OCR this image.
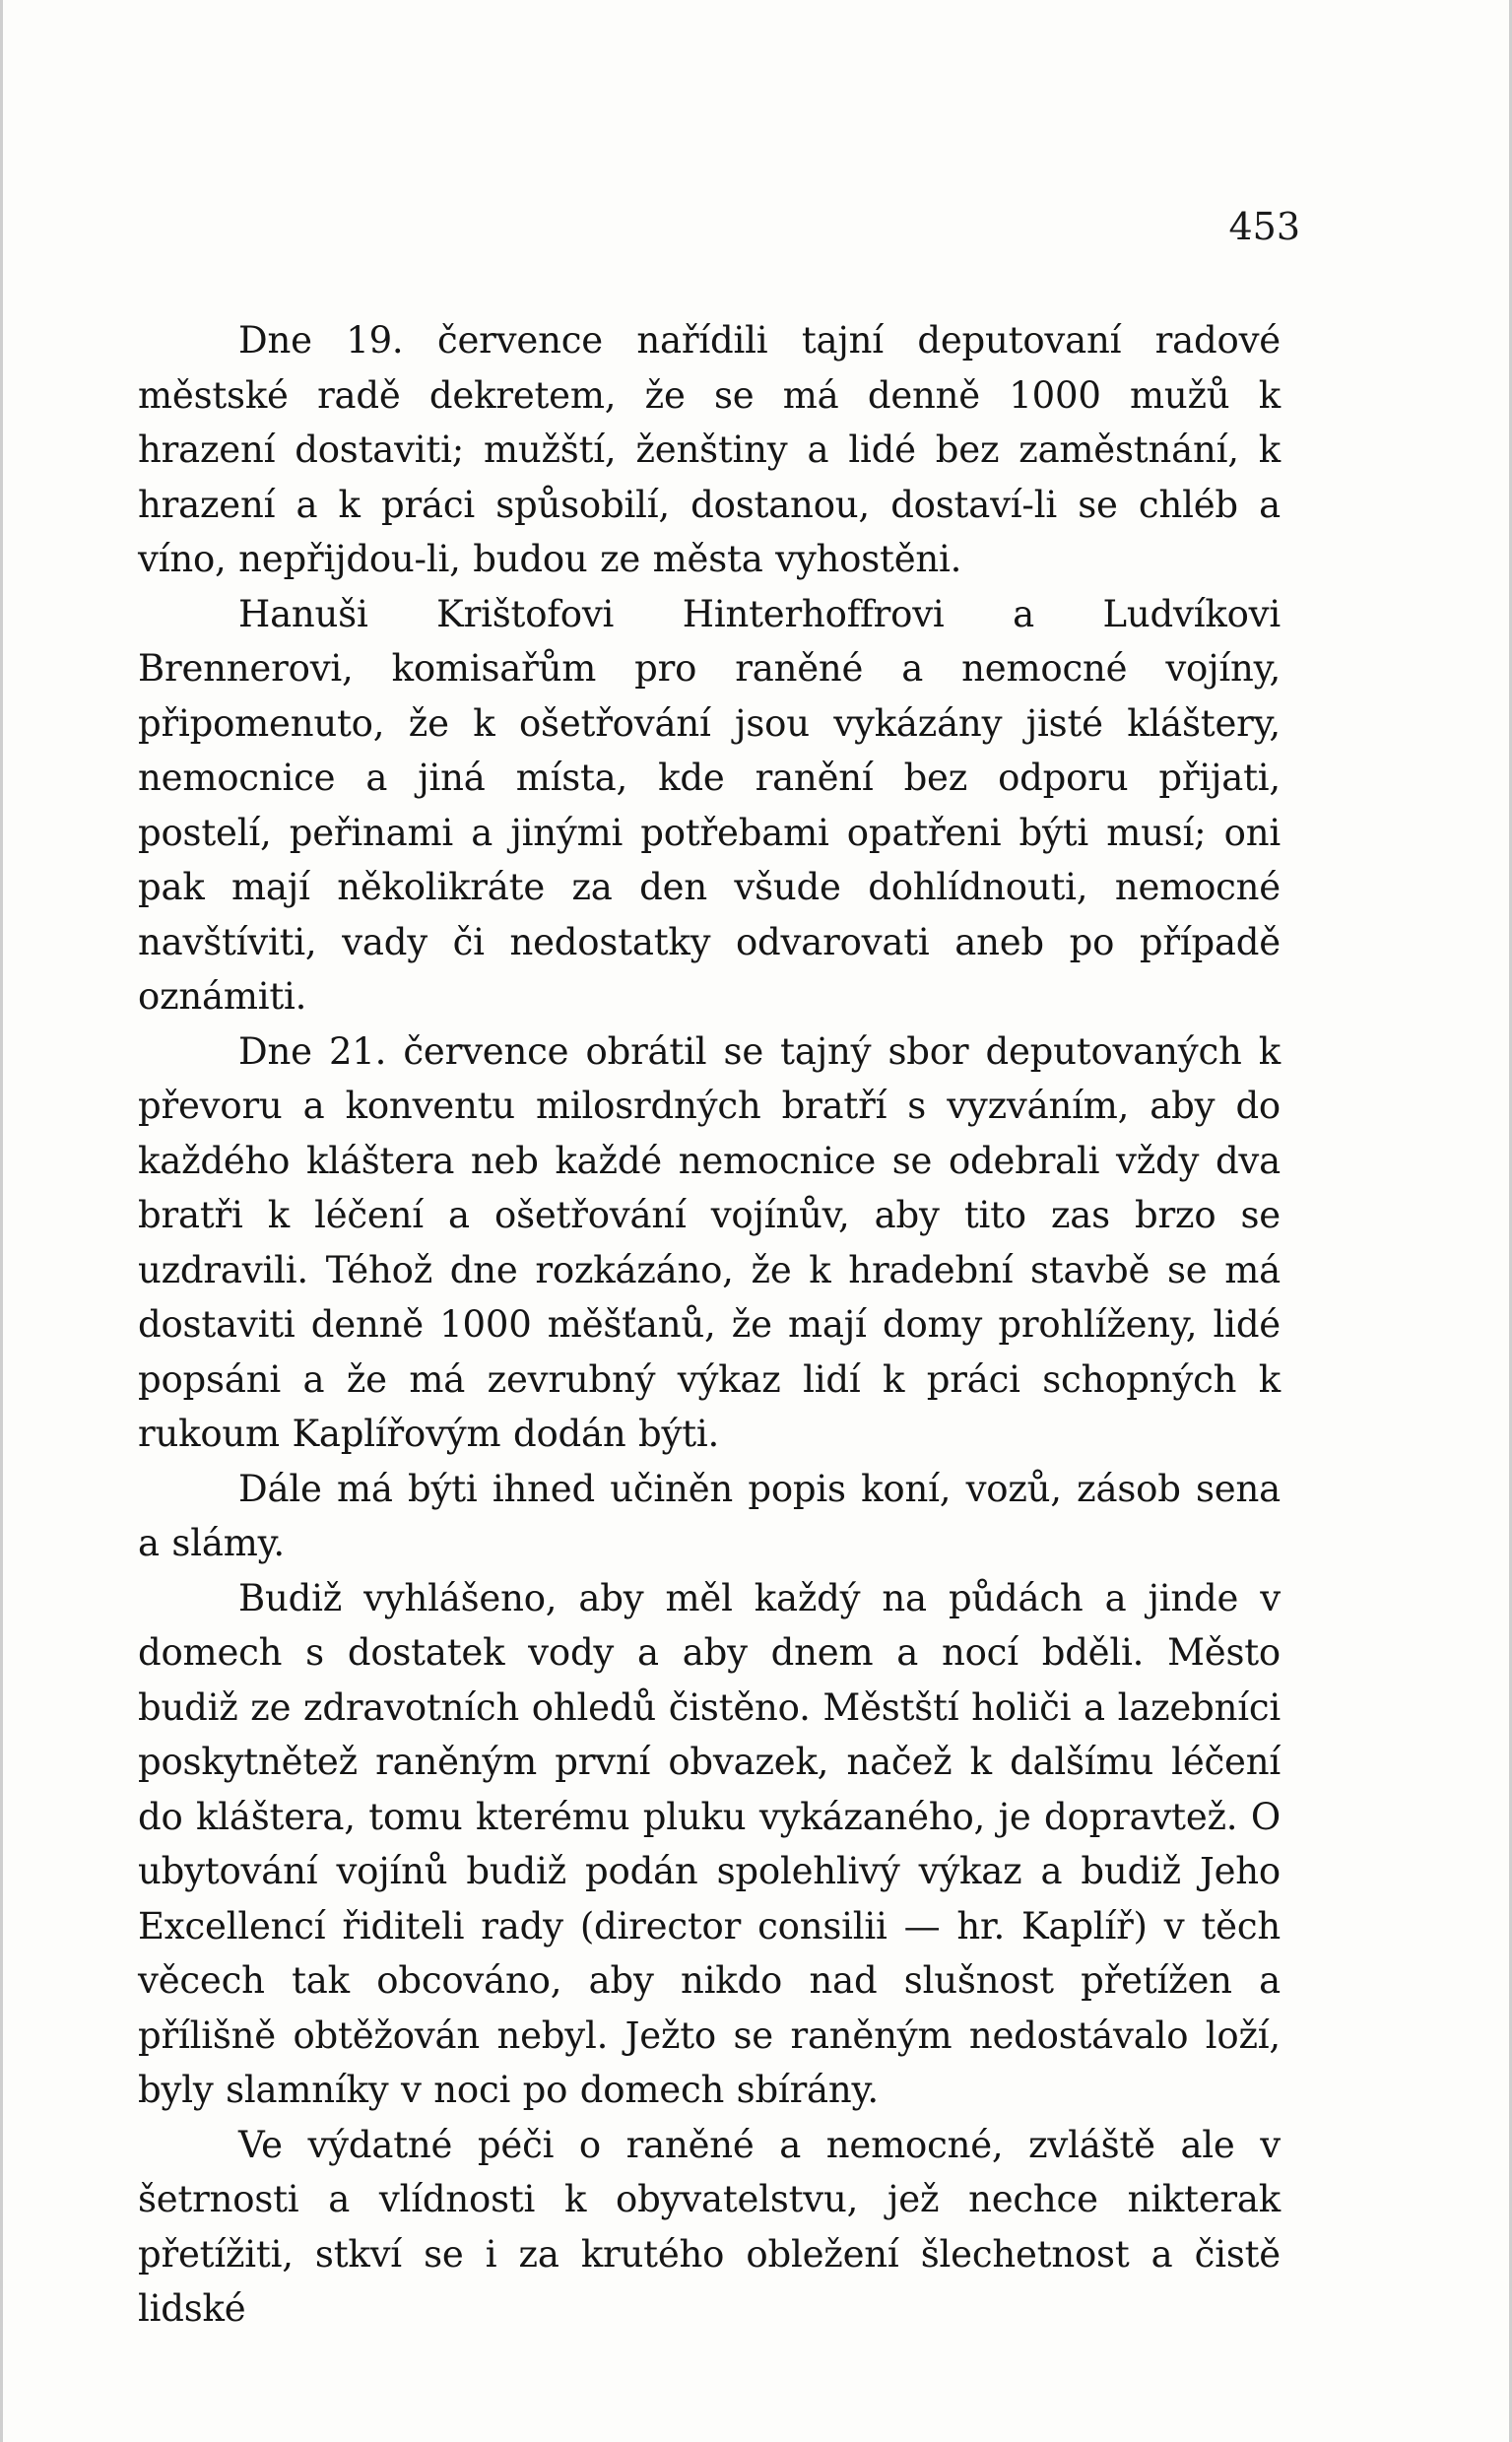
453

Dne 19. července nařídili tajní deputovaní radové městské radě dekretem, že se má denně 1000 mužů k hrazení dostaviti; mužští, ženštiny a lidé bez zaměstnání, k hrazení a k práci spůsobilí, dostanou, dostaví-li se chléb a víno, nepřijdou-li, budou ze města vyhostěni.

Hanuši Krištofovi Hinterhoffrovi a Ludvíkovi Brennerovi, komisařům pro raněné a nemocné vojíny, připomenuto, že k ošetřování jsou vykázány jisté kláštery, nemocnice a jiná místa, kde ranění bez odporu přijati, postelí, peřinami a jinými potřebami opatřeni býti musí; oni pak mají několikráte za den všude dohlídnouti, nemocné navštíviti, vady či nedostatky odvarovati aneb po případě oznámiti.

Dne 21. července obrátil se tajný sbor deputovaných k převoru a konventu milosrdných bratří s vyzváním, aby do každého kláštera neb každé nemocnice se odebrali vždy dva bratři k léčení a ošetřování vojínův, aby tito zas brzo se uzdravili. Téhož dne rozkázáno, že k hradební stavbě se má dostaviti denně 1000 měšťanů, že mají domy prohlíženy, lidé popsáni a že má zevrubný výkaz lidí k práci schopných k rukoum Kaplířovým dodán býti.

Dále má býti ihned učiněn popis koní, vozů, zásob sena a slámy.

Budiž vyhlášeno, aby měl každý na půdách a jinde v domech s dostatek vody a aby dnem a nocí bděli. Město budiž ze zdravotních ohledů čistěno. Městští holiči a lazebníci poskytnětež raněným první obvazek, načež k dalšímu léčení do kláštera, tomu kterému pluku vykázaného, je dopravtež. O ubytování vojínů budiž podán spolehlivý výkaz a budiž Jeho Excellencí řiditeli rady (director consilii — hr. Kaplíř) v těch věcech tak obcováno, aby nikdo nad slušnost přetížen a přílišně obtěžován nebyl. Ježto se raněným nedostávalo loží, byly slamníky v noci po domech sbírány.

Ve výdatné péči o raněné a nemocné, zvláště ale v šetrnosti a vlídnosti k obyvatelstvu, jež nechce nikterak přetížiti, stkví se i za krutého obležení šlechetnost a čistě lidské
